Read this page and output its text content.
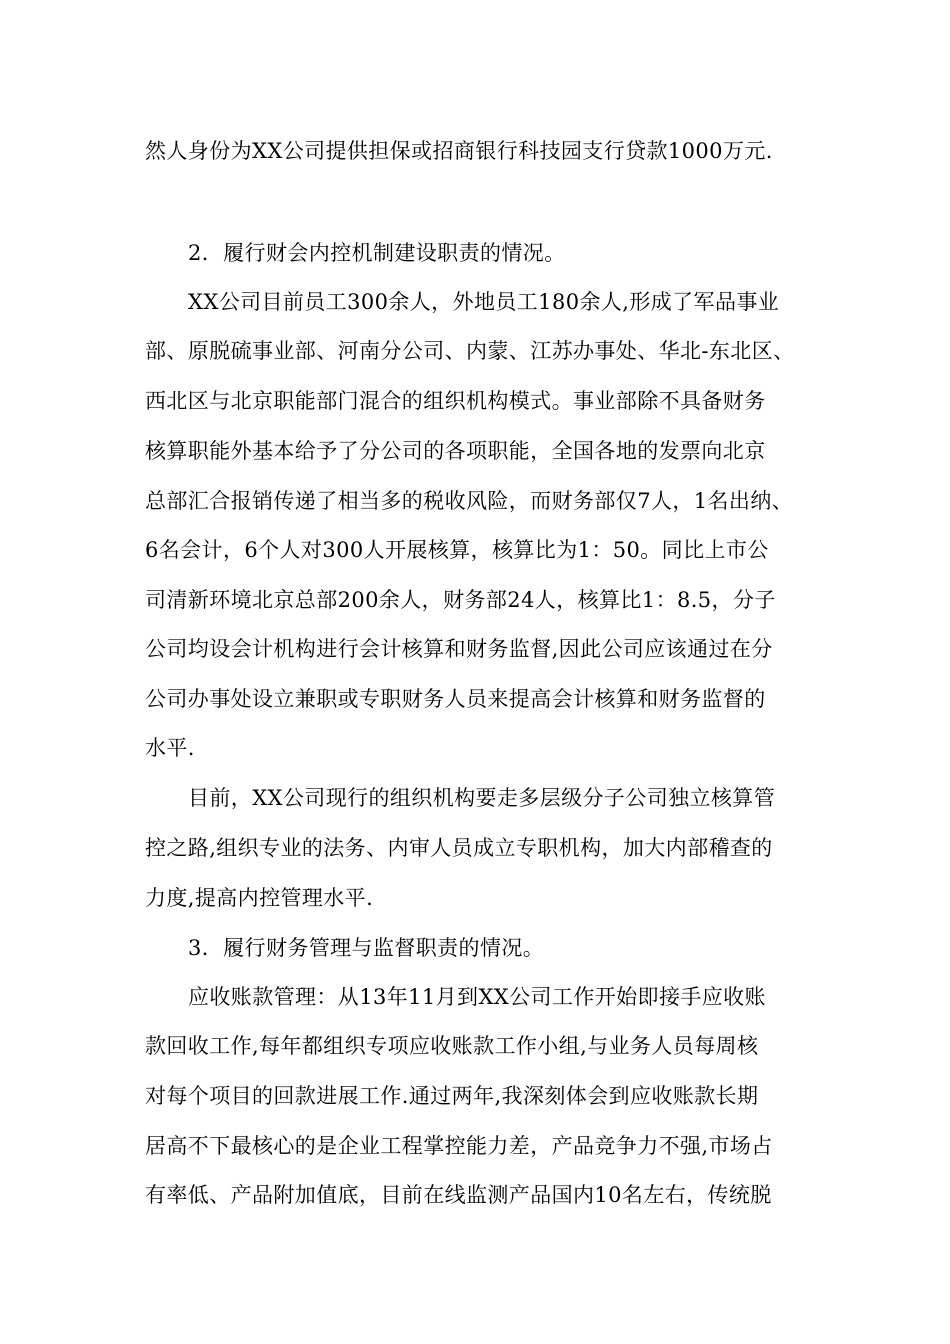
然人身份为XX公司提供担保或招商银行科技园支行贷款1000万元.
2．履行财会内控机制建设职责的情况。
XX公司目前员工300余人，外地员工180余人,形成了军品事业
部、原脱硫事业部、河南分公司、内蒙、江苏办事处、华北-东北区、
西北区与北京职能部门混合的组织机构模式。事业部除不具备财务
核算职能外基本给予了分公司的各项职能，全国各地的发票向北京
总部汇合报销传递了相当多的税收风险，而财务部仅7人，1名出纳、
6名会计，6个人对300人开展核算，核算比为1：50。同比上市公
司清新环境北京总部200余人，财务部24人，核算比1：8.5，分子
公司均设会计机构进行会计核算和财务监督,因此公司应该通过在分
公司办事处设立兼职或专职财务人员来提高会计核算和财务监督的
水平.
目前，XX公司现行的组织机构要走多层级分子公司独立核算管
控之路,组织专业的法务、内审人员成立专职机构，加大内部稽查的
力度,提高内控管理水平.
3．履行财务管理与监督职责的情况。
应收账款管理：从13年11月到XX公司工作开始即接手应收账
款回收工作,每年都组织专项应收账款工作小组,与业务人员每周核
对每个项目的回款进展工作.通过两年,我深刻体会到应收账款长期
居高不下最核心的是企业工程掌控能力差，产品竞争力不强,市场占
有率低、产品附加值底，目前在线监测产品国内10名左右，传统脱
